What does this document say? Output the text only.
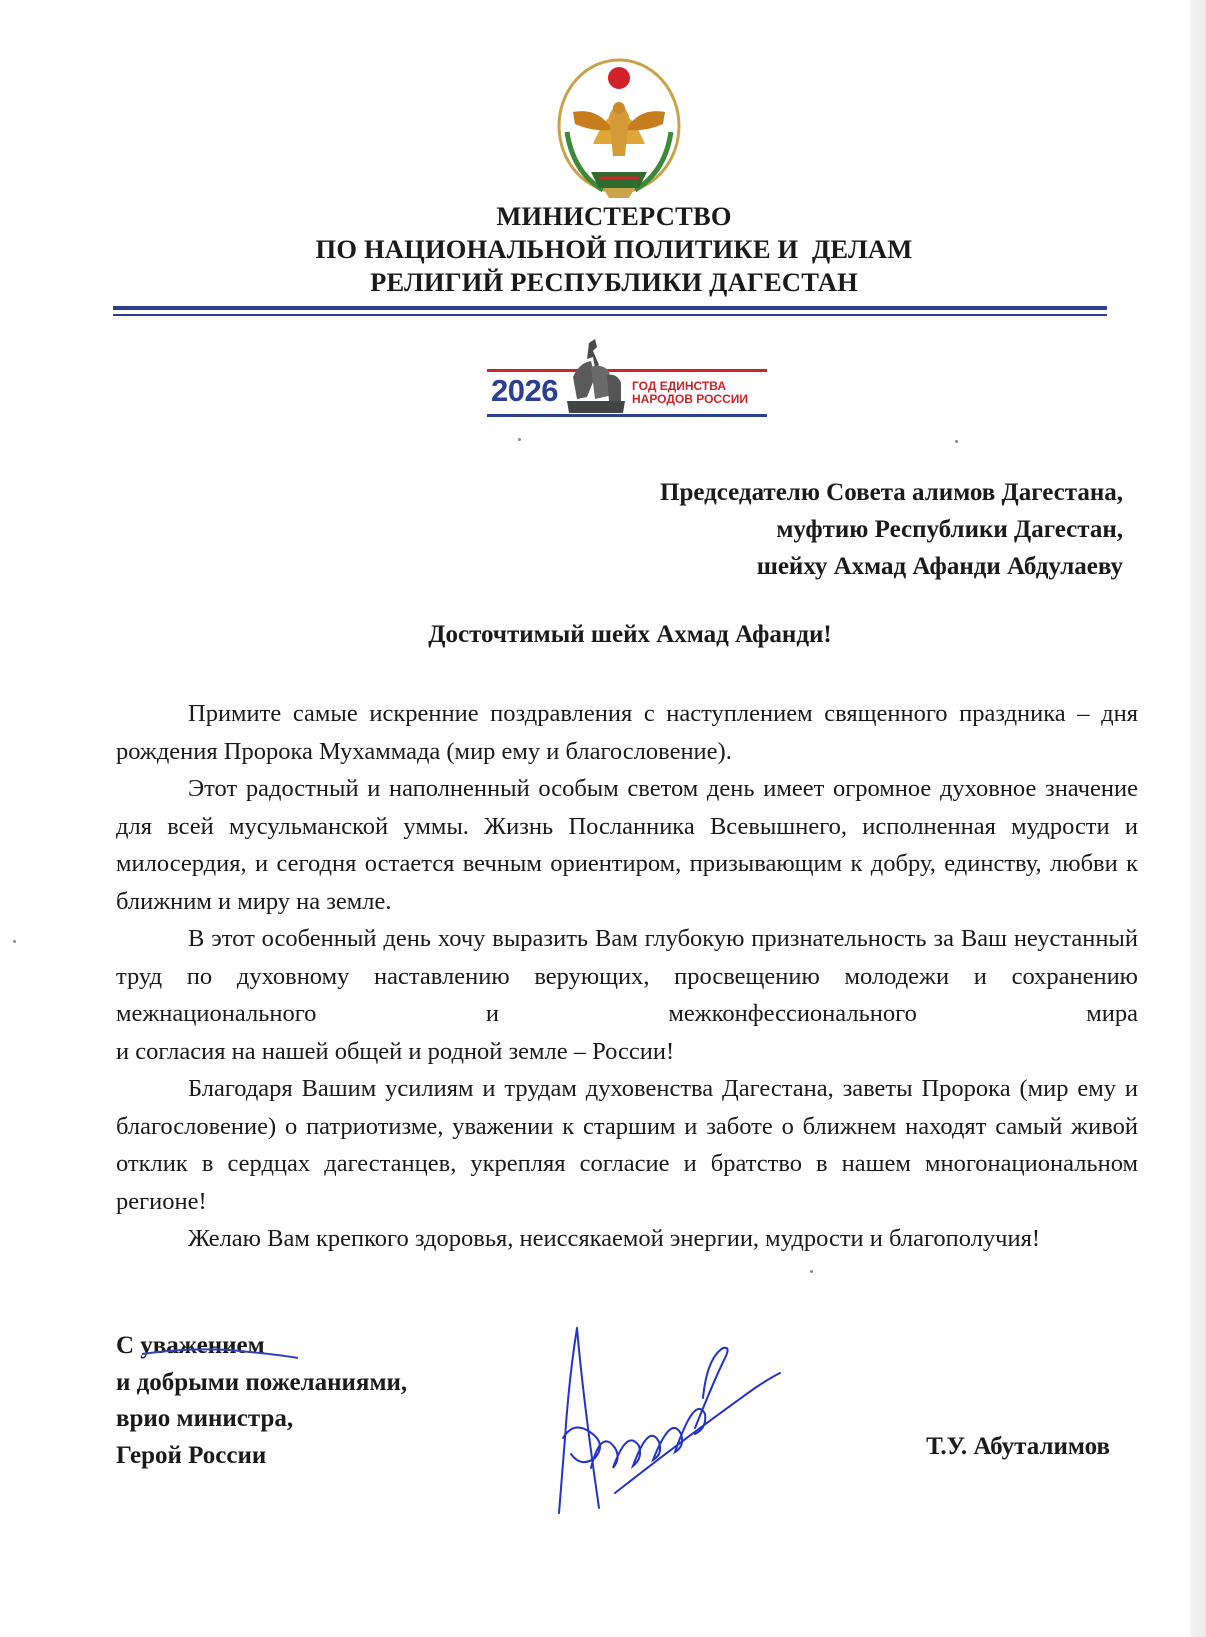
МИНИСТЕРСТВО
ПО НАЦИОНАЛЬНОЙ ПОЛИТИКЕ И  ДЕЛАМ
РЕЛИГИЙ РЕСПУБЛИКИ ДАГЕСТАН
2026	ГОД ЕДИНСТВА
НАРОДОВ РОССИИ
Председателю Совета алимов Дагестана,
муфтию Республики Дагестан,
шейху Ахмад Афанди Абдулаеву
Досточтимый шейх Ахмад Афанди!

Примите самые искренние поздравления с наступлением священного праздника – дня рождения Пророка Мухаммада (мир ему и благословение).

Этот радостный и наполненный особым светом день имеет огромное духовное значение для всей мусульманской уммы. Жизнь Посланника Всевышнего, исполненная мудрости и милосердия, и сегодня остается вечным ориентиром, призывающим к добру, единству, любви к ближним и миру на земле.

В этот особенный день хочу выразить Вам глубокую признательность за Ваш неустанный труд по духовному наставлению верующих, просвещению молодежи и сохранению межнационального и межконфессионального мира

и согласия на нашей общей и родной земле – России!

Благодаря Вашим усилиям и трудам духовенства Дагестана, заветы Пророка (мир ему и благословение) о патриотизме, уважении к старшим и заботе о ближнем находят самый живой отклик в сердцах дагестанцев, укрепляя согласие и братство в нашем многонациональном регионе!

Желаю Вам крепкого здоровья, неиссякаемой энергии, мудрости и благополучия!

С уважением
и добрыми пожеланиями,
врио министра,
Герой России	Т.У. Абуталимов
